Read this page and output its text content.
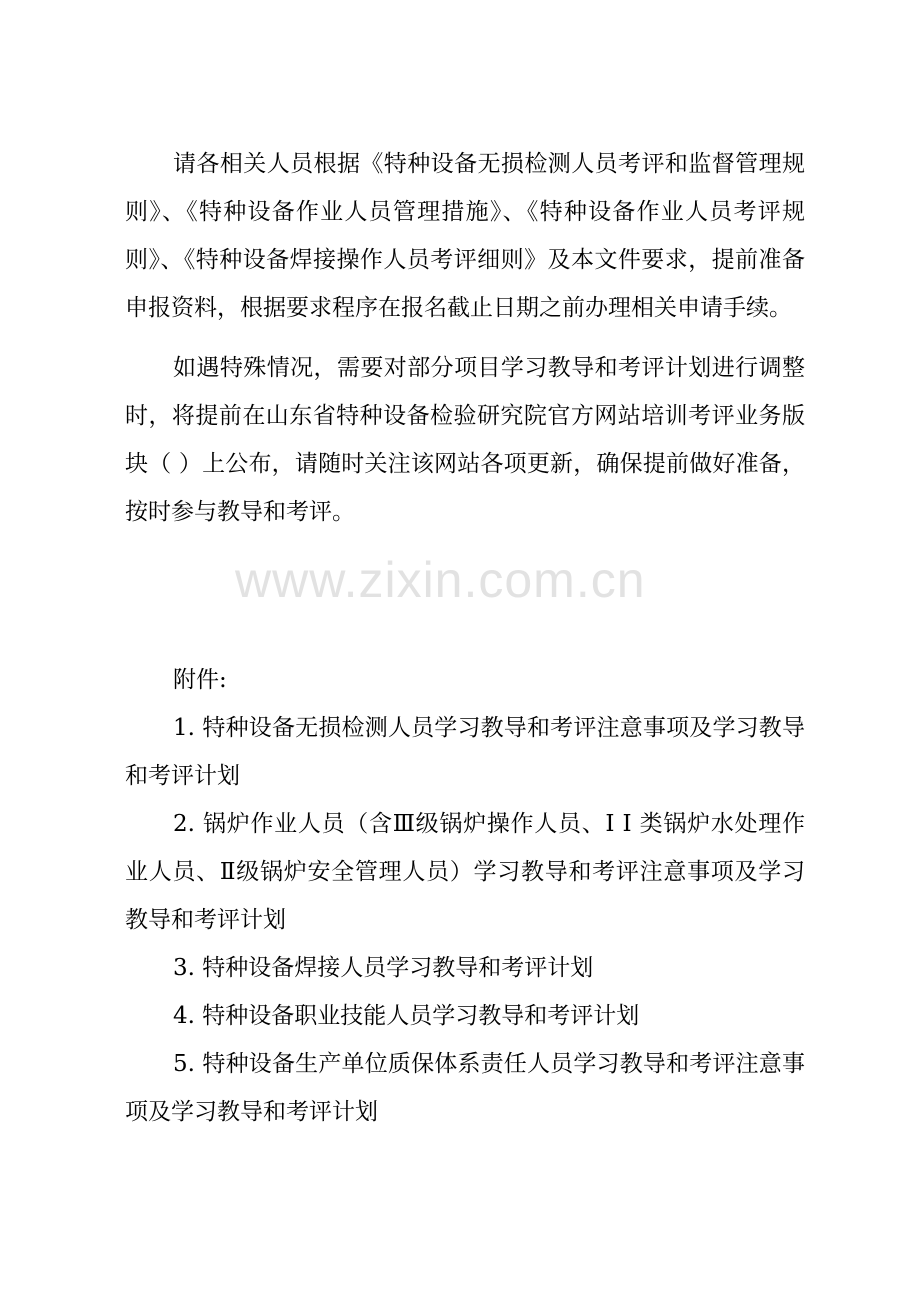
请各相关人员根据《特种设备无损检测人员考评和监督管理规则》、《特种设备作业人员管理措施》、《特种设备作业人员考评规则》、《特种设备焊接操作人员考评细则》及本文件要求，提前准备申报资料，根据要求程序在报名截止日期之前办理相关申请手续。

如遇特殊情况，需要对部分项目学习教导和考评计划进行调整时，将提前在山东省特种设备检验研究院官方网站培训考评业务版块（ ）上公布，请随时关注该网站各项更新，确保提前做好准备，按时参与教导和考评。

www.zixin.com.cn

附件:

1. 特种设备无损检测人员学习教导和考评注意事项及学习教导和考评计划

2. 锅炉作业人员（含Ⅲ级锅炉操作人员、I I 类锅炉水处理作业人员、Ⅱ级锅炉安全管理人员）学习教导和考评注意事项及学习教导和考评计划

3. 特种设备焊接人员学习教导和考评计划

4. 特种设备职业技能人员学习教导和考评计划

5. 特种设备生产单位质保体系责任人员学习教导和考评注意事项及学习教导和考评计划
